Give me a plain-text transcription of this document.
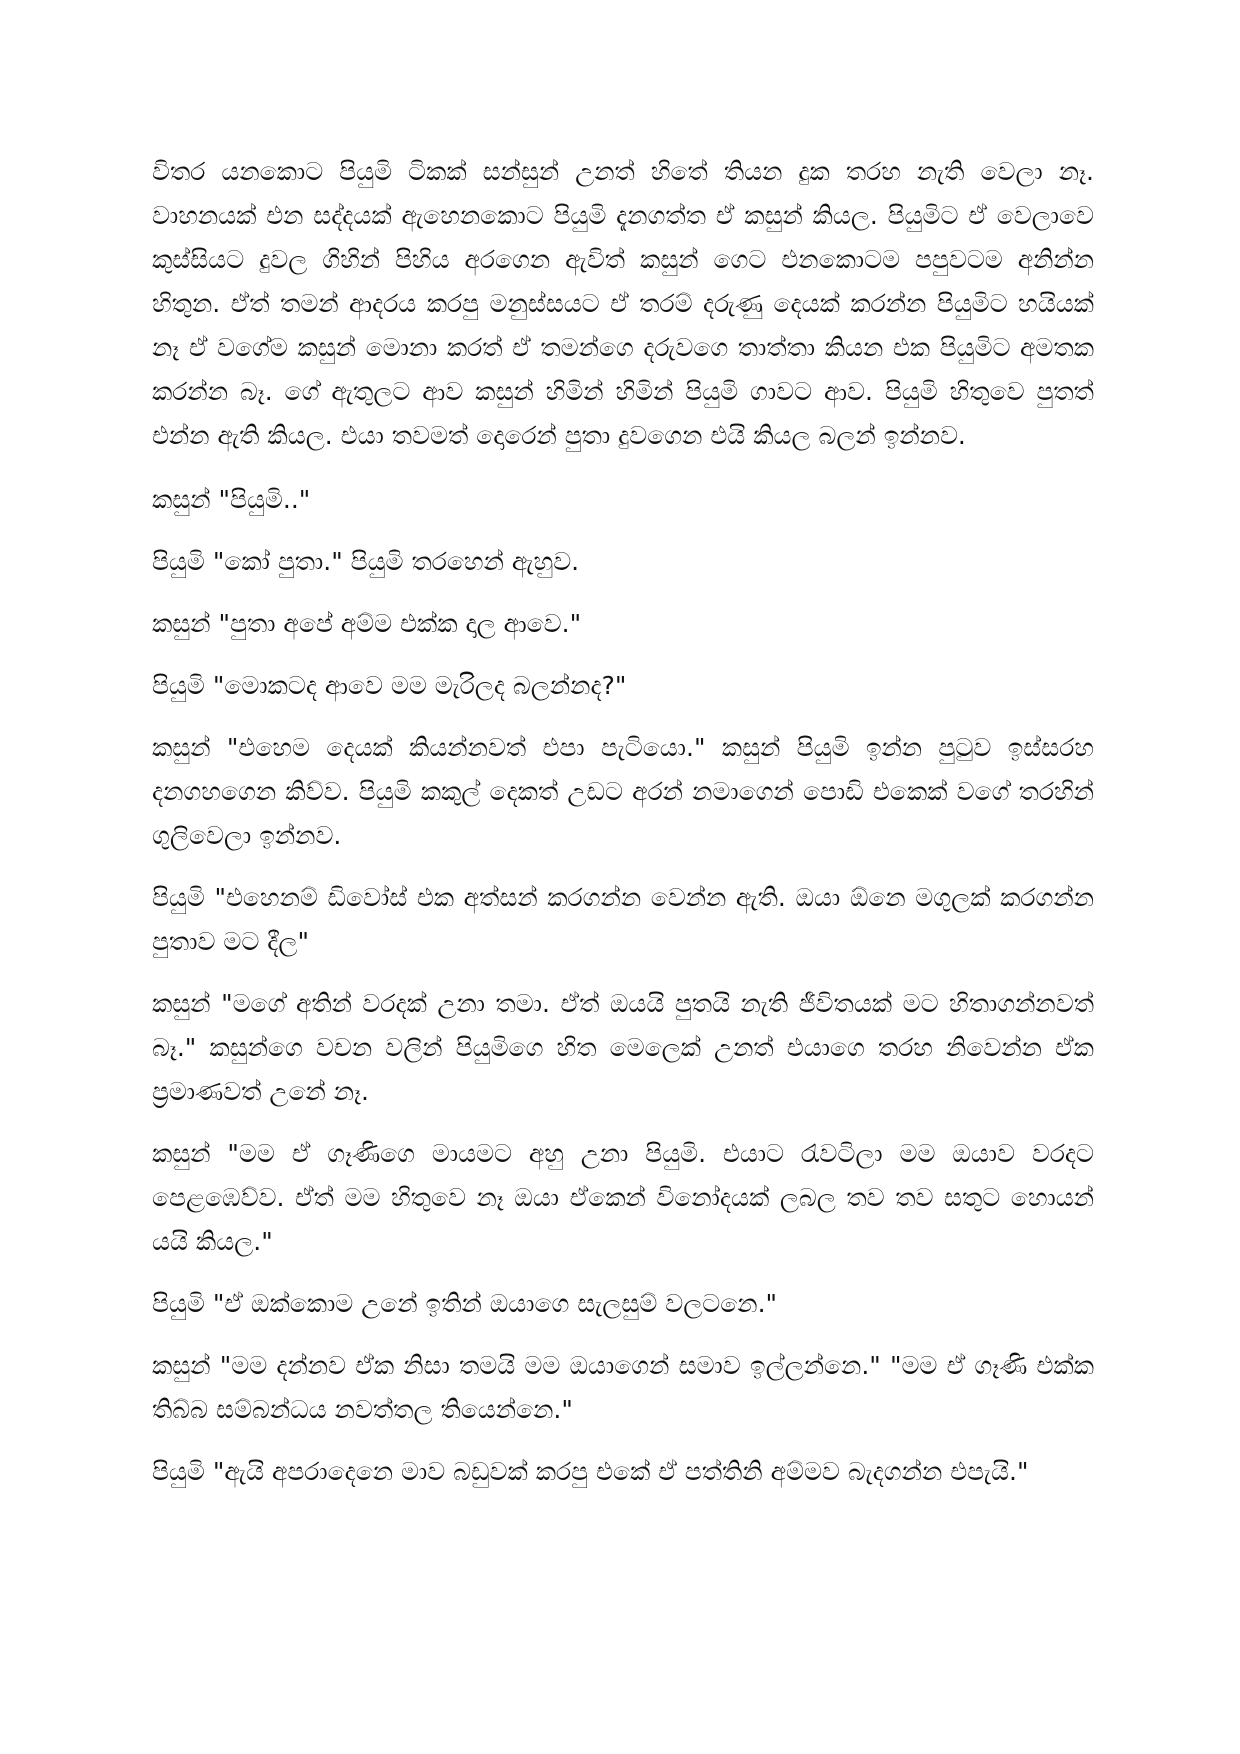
විතර යනකොට පියුමි ටිකක් සන්සුන් උනත් හිතේ තියන දුක තරහ නැති වෙලා නෑ. වාහනයක් එන සද්දයක් ඇහෙනකොට පියුමි දැනගත්ත ඒ කසුන් කියල. පියුමිට ඒ වෙලාවෙ කුස්සියට දුවල ගිහින් පිහිය අරගෙන ඇවිත් කසුන් ගෙට එනකොටම පපුවටම අනින්න හිතුන. ඒත් තමන් ආදරය කරපු මනුස්සයට ඒ තරම් දරුණු දෙයක් කරන්න පියුමිට හයියක් නෑ ඒ වගේම කසුන් මොනා කරත් ඒ තමන්ගෙ දරුවගෙ තාත්තා කියන එක පියුමිට අමතක කරන්න බෑ. ගේ ඇතුලට ආව කසුන් හිමින් හිමින් පියුමි ගාවට ආව. පියුමි හිතුවෙ පුතත් එන්න ඇති කියල. එයා තවමත් දොරෙන් පුතා දුවගෙන එයි කියල බලන් ඉන්නව.

කසුන් "පියුමි.."

පියුමි "කෝ පුතා." පියුමි තරහෙන් ඇහුව.

කසුන් "පුතා අපේ අම්ම එක්ක දාල ආවෙ."

පියුමි "මොකටද ආවෙ මම මැරිලද බලන්නද?"

කසුන් "එහෙම දෙයක් කියන්නවත් එපා පැටියො." කසුන් පියුමි ඉන්න පුටුව ඉස්සරහ දනගහගෙන කිව්ව. පියුමි කකුල් දෙකත් උඩට අරන් නමාගෙන් පොඩි එකෙක් වගේ තරහින් ගුලිවෙලා ඉන්නව.

පියුමි "එහෙනම් ඩිවෝස් එක අත්සන් කරගන්න වෙන්න ඇති. ඔයා ඕනෙ මගුලක් කරගන්න පුතාව මට දීල"

කසුන් "මගේ අතින් වරදක් උනා තමා. ඒත් ඔයයි පුතයි නැති ජීවිතයක් මට හිතාගන්නවත් බෑ." කසුන්ගෙ වචන වලින් පියුමිගෙ හිත මෙලෙක් උනත් එයාගෙ තරහ නිවෙන්න ඒක ප්‍රමාණවත් උනේ නෑ.

කසුන් "මම ඒ ගෑණිගෙ මායමට අහු උනා පියුමි. එයාට රැවටිලා මම ඔයාව වරදට පෙළඹෙව්ව. ඒත් මම හිතුවෙ නෑ ඔයා ඒකෙන් විනෝදයක් ලබල තව තව සතුට හොයන් යයි කියල."

පියුමි "ඒ ඔක්කොම උනේ ඉතින් ඔයාගෙ සැලසුම් වලටනෙ."

කසුන් "මම දන්නව ඒක නිසා තමයි මම ඔයාගෙන් සමාව ඉල්ලන්නෙ." "මම ඒ ගෑණි එක්ක තිබ්බ සම්බන්ධය නවත්තල තියෙන්නෙ."

පියුමි "ඇයි අපරාදෙනෙ මාව බඩුවක් කරපු එකේ ඒ පත්තිනි අම්මව බැදගන්න එපැයි."
